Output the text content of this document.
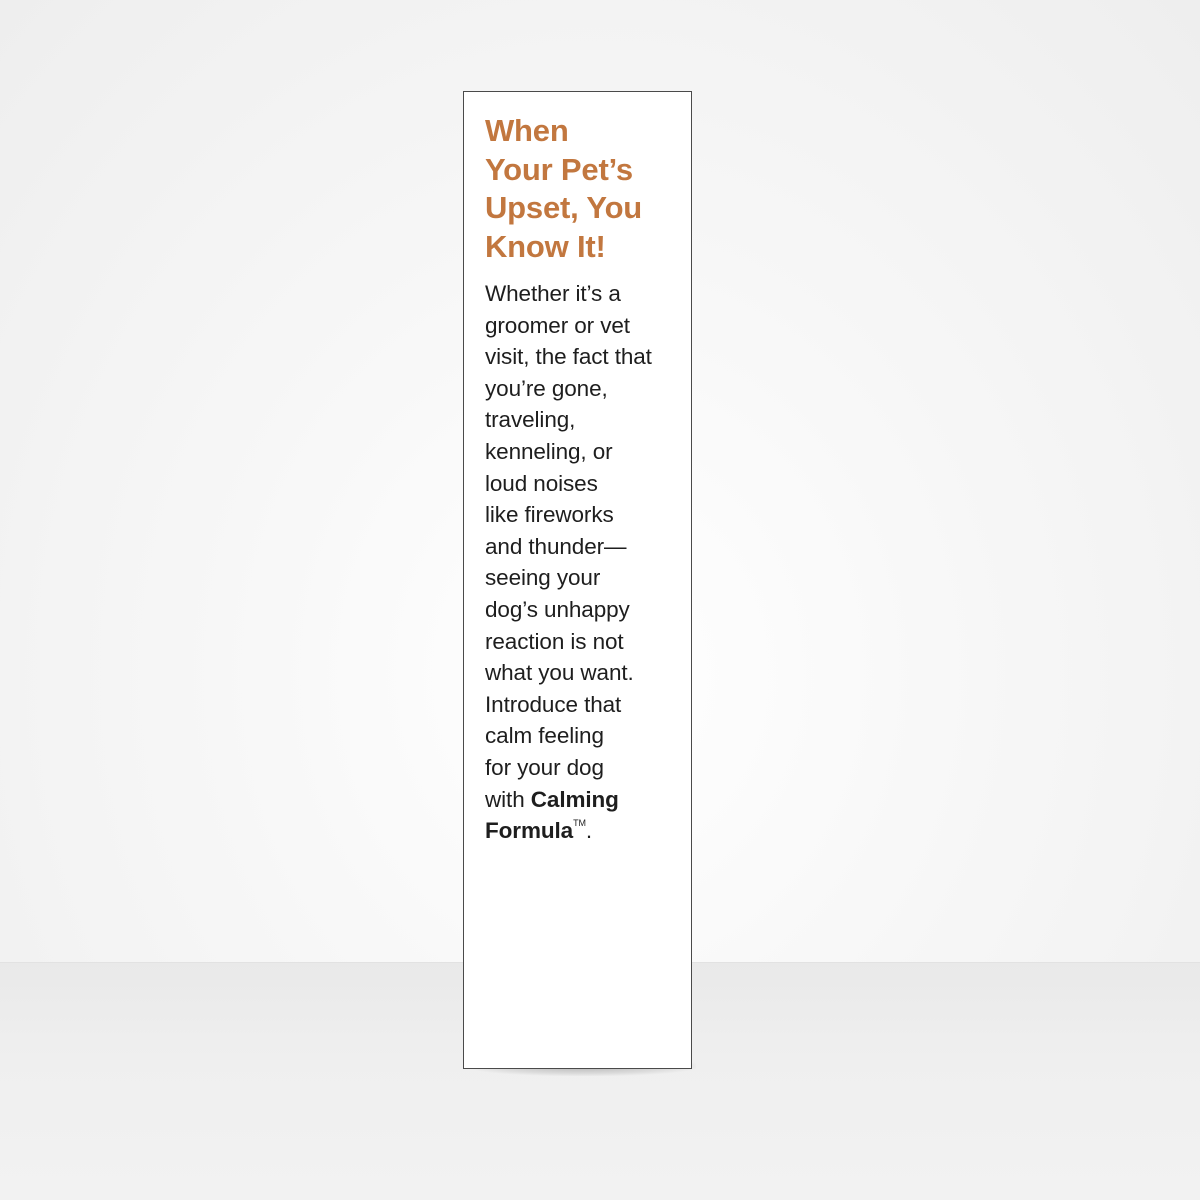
When
Your Pet’s
Upset, You
Know It!

Whether it’s a
groomer or vet
visit, the fact that
you’re gone,
traveling,
kenneling, or
loud noises
like fireworks
and thunder—
seeing your
dog’s unhappy
reaction is not
what you want.
Introduce that
calm feeling
for your dog
with Calming
Formula™.
